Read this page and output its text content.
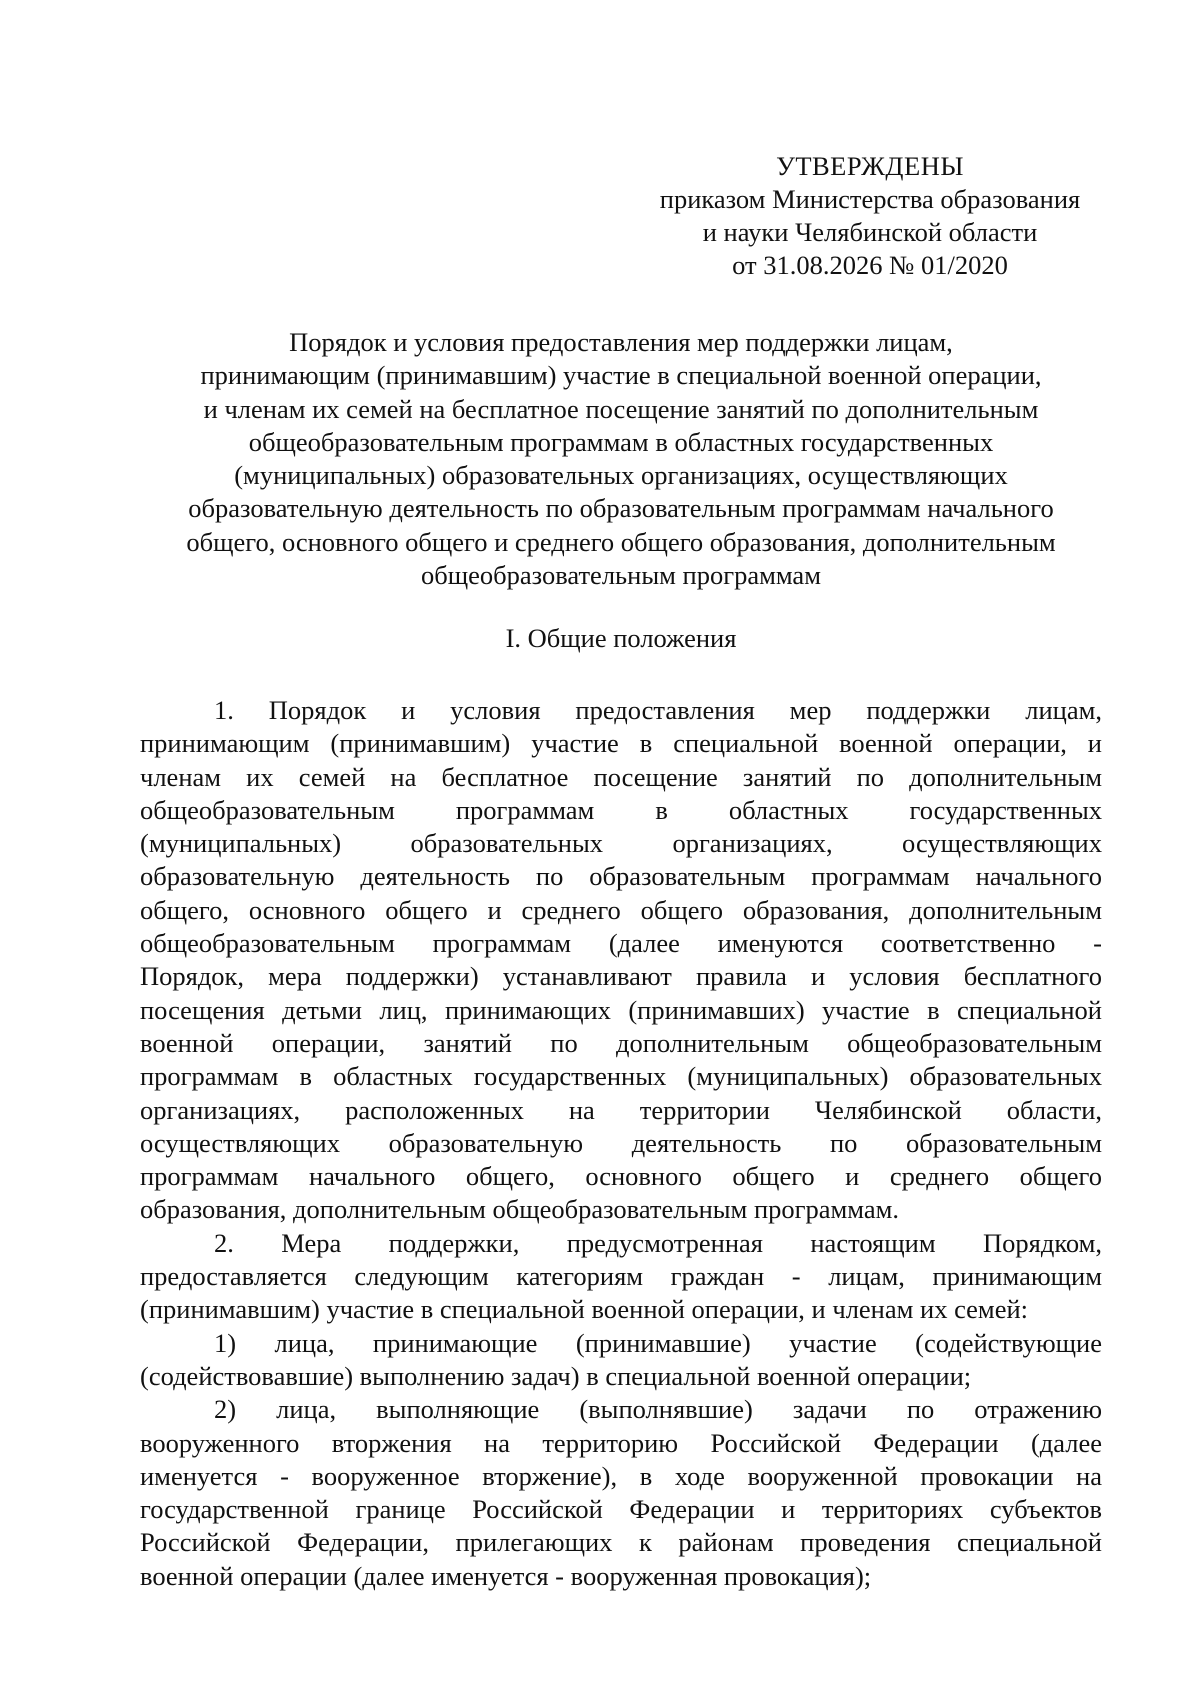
УТВЕРЖДЕНЫ
приказом Министерства образования
и науки Челябинской области
от 31.08.2026 № 01/2020
Порядок и условия предоставления мер поддержки лицам,
принимающим (принимавшим) участие в специальной военной операции,
и членам их семей на бесплатное посещение занятий по дополнительным
общеобразовательным программам в областных государственных
(муниципальных) образовательных организациях, осуществляющих
образовательную деятельность по образовательным программам начального
общего, основного общего и среднего общего образования, дополнительным
общеобразовательным программам
I. Общие положения
1. Порядок и условия предоставления мер поддержки лицам,
принимающим (принимавшим) участие в специальной военной операции, и
членам их семей на бесплатное посещение занятий по дополнительным
общеобразовательным программам в областных государственных
(муниципальных) образовательных организациях, осуществляющих
образовательную деятельность по образовательным программам начального
общего, основного общего и среднего общего образования, дополнительным
общеобразовательным программам (далее именуются соответственно -
Порядок, мера поддержки) устанавливают правила и условия бесплатного
посещения детьми лиц, принимающих (принимавших) участие в специальной
военной операции, занятий по дополнительным общеобразовательным
программам в областных государственных (муниципальных) образовательных
организациях, расположенных на территории Челябинской области,
осуществляющих образовательную деятельность по образовательным
программам начального общего, основного общего и среднего общего
образования, дополнительным общеобразовательным программам.
2. Мера поддержки, предусмотренная настоящим Порядком,
предоставляется следующим категориям граждан - лицам, принимающим
(принимавшим) участие в специальной военной операции, и членам их семей:
1) лица, принимающие (принимавшие) участие (содействующие
(содействовавшие) выполнению задач) в специальной военной операции;
2) лица, выполняющие (выполнявшие) задачи по отражению
вооруженного вторжения на территорию Российской Федерации (далее
именуется - вооруженное вторжение), в ходе вооруженной провокации на
государственной границе Российской Федерации и территориях субъектов
Российской Федерации, прилегающих к районам проведения специальной
военной операции (далее именуется - вооруженная провокация);
